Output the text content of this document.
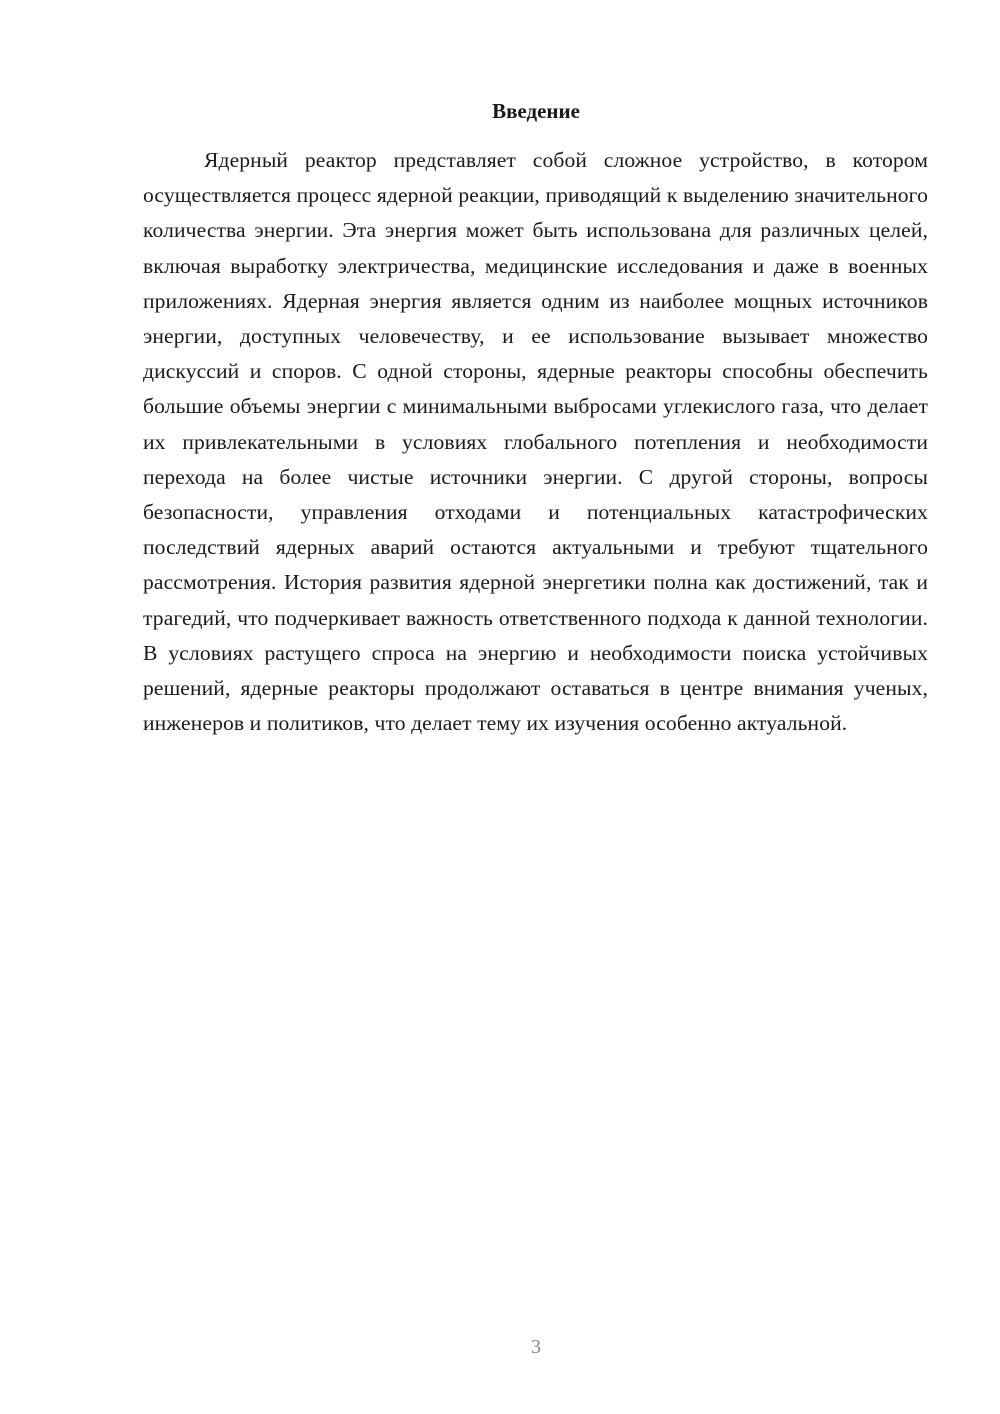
Введение

Ядерный реактор представляет собой сложное устройство, в котором осуществляется процесс ядерной реакции, приводящий к выделению значительного количества энергии. Эта энергия может быть использована для различных целей, включая выработку электричества, медицинские исследования и даже в военных приложениях. Ядерная энергия является одним из наиболее мощных источников энергии, доступных человечеству, и ее использование вызывает множество дискуссий и споров. С одной стороны, ядерные реакторы способны обеспечить большие объемы энергии с минимальными выбросами углекислого газа, что делает их привлекательными в условиях глобального потепления и необходимости перехода на более чистые источники энергии. С другой стороны, вопросы безопасности, управления отходами и потенциальных катастрофических последствий ядерных аварий остаются актуальными и требуют тщательного рассмотрения. История развития ядерной энергетики полна как достижений, так и трагедий, что подчеркивает важность ответственного подхода к данной технологии. В условиях растущего спроса на энергию и необходимости поиска устойчивых решений, ядерные реакторы продолжают оставаться в центре внимания ученых, инженеров и политиков, что делает тему их изучения особенно актуальной.

3
